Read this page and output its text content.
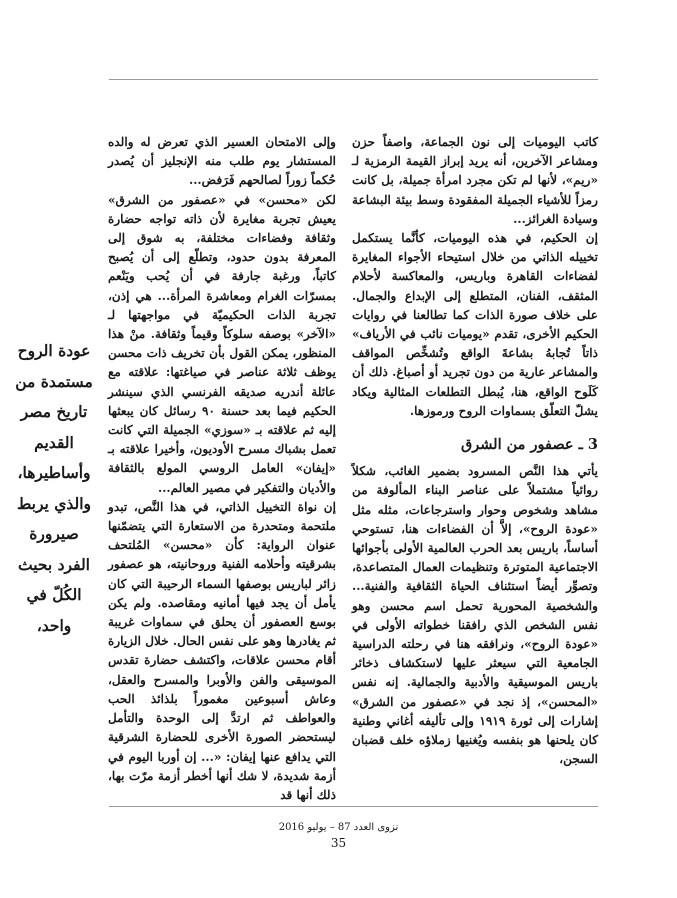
كاتب اليوميات إلى نون الجماعة، واصفاً حزن ومشاعر الآخرين، أنه يريد إبراز القيمة الرمزية لـ «ريم»، لأنها لم تكن مجرد امرأة جميلة، بل كانت رمزاً للأشياء الجميلة المفقودة وسط بيئة البشاعة وسيادة الغرائز...

إن الحكيم، في هذه اليوميات، كأنَّما يستكمل تخييله الذاتي من خلال استيحاء الأجواء المغايرة لفضاءات القاهرة وباريس، والمعاكسة لأحلام المثقف، الفنان، المتطلع إلى الإبداع والجمال. على خلاف صورة الذات كما تطالعنا في روايات الحكيم الأخرى، تقدم «يوميات نائب في الأرياف» ذاتاً تُجابهُ بشاعةَ الواقع وتُشخِّص المواقف والمشاعر عارية من دون تجريد أو أصباغ. ذلك أن كَلَوح الواقع، هنا، يُبطل التطلعات المثالية ويكاد يشلّ التعلّق بسماوات الروح ورموزها.

3 ـ عصفور من الشرق

يأتي هذا النَّص المسرود بضمير الغائب، شكلاً روائياً مشتملاً على عناصر البناء المألوفة من مشاهد وشخوص وحوار واسترجاعات، مثله مثل «عودة الروح»، إلاَّ أن الفضاءات هنا، تستوحي أساساً، باريس بعد الحرب العالمية الأولى بأجوائها الاجتماعية المتوترة وتنظيمات العمال المتصاعدة، وتصوِّر أيضاً استئناف الحياة الثقافية والفنية... والشخصية المحورية تحمل اسم محسن وهو نفس الشخص الذي رافقنا خطواته الأولى في «عودة الروح»، ونرافقه هنا في رحلته الدراسية الجامعية التي سيعثر عليها لاستكشاف ذخائر باريس الموسيقية والأدبية والجمالية. إنه نفس «المحسن»، إذ نجد في «عصفور من الشرق» إشارات إلى ثورة ١٩١٩ وإلى تأليفه أغاني وطنية كان يلحنها هو بنفسه ويُغنيها زملاؤه خلف قضبان السجن،

وإلى الامتحان العسير الذي تعرض له والده المستشار يوم طلب منه الإنجليز أن يُصدر حُكماً زوراً لصالحهم فَرَفض...

لكن «محسن» في «عصفور من الشرق» يعيش تجربة مغايرة لأن ذاته تواجه حضارة وثقافة وفضاءات مختلفة، به شوق إلى المعرفة بدون حدود، وتطلّع إلى أن يُصبح كاتباً، ورغبة جارفة في أن يُحب ويَنْعم بمسرّات الغرام ومعاشرة المرأة... هي إذن، تجربة الذات الحكيميّة في مواجهتها لـ «الآخر» بوصفه سلوكاً وقيماً وثقافة. منْ هذا المنظور، يمكن القول بأن تخريف ذات محسن يوظف ثلاثة عناصر في صياغتها: علاقته مع عائلة أندريه صديقه الفرنسي الذي سينشر الحكيم فيما بعد حسنة ٩٠ رسائل كان يبعثها إليه ثم علاقته بـ «سوزي» الجميلة التي كانت تعمل بشباك مسرح الأوديون، وأخيرا علاقته بـ «إيفان» العامل الروسي المولع بالثقافة والأديان والتفكير في مصير العالم...

إن نواة التخييل الذاتي، في هذا النَّص، تبدو ملتحمة ومتحدرة من الاستعارة التي يتضمّنها عنوان الرواية: كأن «محسن» المُلتحف بشرقيته وأحلامه الفنية وروحانيته، هو عصفور زائر لباريس بوصفها السماء الرحيبة التي كان يأمل أن يجد فيها أمانيه ومقاصده. ولم يكن بوسع العصفور أن يحلق في سماوات غريبة ثم يغادرها وهو على نفس الحال. خلال الزيارة أقام محسن علاقات، واكتشف حضارة تقدس الموسيقى والفن والأوبرا والمسرح والعقل، وعاش أسبوعين مغموراً بلذائذ الحب والعواطف ثم ارتدَّ إلى الوحدة والتأمل ليستحضر الصورة الأخرى للحضارة الشرقية التي يدافع عنها إيفان: «... إن أوربا اليوم في أزمة شديدة، لا شك أنها أخطر أزمة مرّت بها، ذلك أنها قد

عودة الروح مستمدة من تاريخ مصر القديم وأساطيرها، والذي يربط صيرورة الفرد بحيث الكُلّ في واحد،
نزوى العدد 87 – يوليو 2016
35
